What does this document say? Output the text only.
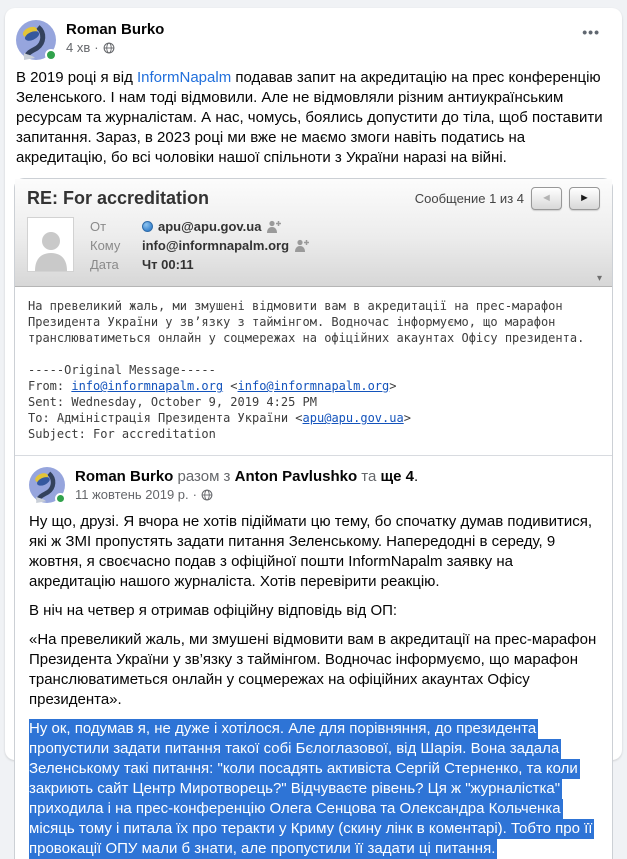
Roman Burko
4 хв ·
•••
В 2019 році я від InformNapalm подавав запит на акредитацію на прес конференцію Зеленського. І нам тоді відмовили. Але не відмовляли різним антиукраїнським ресурсам та журналістам. А нас, чомусь, боялись допустити до тіла, щоб поставити запитання. Зараз, в 2023 році ми вже не маємо змоги навіть податись на акредитацію, бо всі чоловіки нашої спільноти з України наразі на війні.
RE: For accreditation	Сообщение 1 из 4	◄	►
От	apu@apu.gov.ua
Кому	info@informnapalm.org
Дата	Чт 00:11
▾
На превеликий жаль, ми змушені відмовити вам в акредитації на прес-марафон Президента України у зв’язку з таймінгом. Водночас інформуємо, що марафон транслюватиметься онлайн у соцмережах на офіційних акаунтах Офісу президента.
-----Original Message-----
From: info@informnapalm.org <info@informnapalm.org>
Sent: Wednesday, October 9, 2019 4:25 PM
To: Адміністрація Президента України <apu@apu.gov.ua>
Subject: For accreditation
Roman Burko разом з Anton Pavlushko та ще 4.
11 жовтень 2019 р. ·

Ну що, друзі. Я вчора не хотів підіймати цю тему, бо спочатку думав подивитися, які ж ЗМІ пропустять задати питання Зеленському. Напередодні в середу, 9 жовтня, я своєчасно подав з офіційної пошти InformNapalm заявку на акредитацію нашого журналіста. Хотів перевірити реакцію.

В ніч на четвер я отримав офіційну відповідь від ОП:

«На превеликий жаль, ми змушені відмовити вам в акредитації на прес-марафон Президента України у зв’язку з таймінгом. Водночас інформуємо, що марафон транслюватиметься онлайн у соцмережах на офіційних акаунтах Офісу президента».

Ну ок, подумав я, не дуже і хотілося. Але для порівняння, до президента пропустили задати питання такої собі Бєлоглазової, від Шарія. Вона задала Зеленському такі питання: "коли посадять активіста Сергій Стерненко, та коли закриють сайт Центр Миротворець?" Відчуваєте рівень? Ця ж "журналістка" приходила і на прес-конференцію Олега Сенцова та Олександра Кольченка місяць тому і питала їх про теракти у Криму (скину лінк в коментарі). Тобто про її провокації ОПУ мали б знати, але пропустили її задати ці питання.
